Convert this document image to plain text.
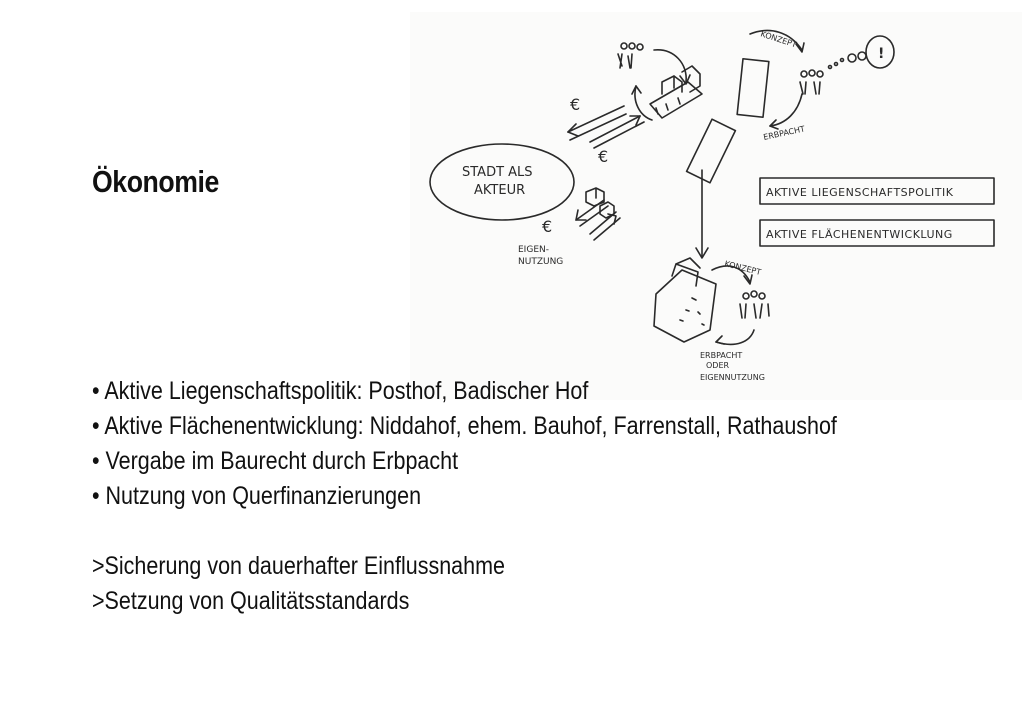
Ökonomie	STADT ALS
AKTEUR
€
€
€
EIGEN-
NUTZUNG
KONZEPT
ERBPACHT
!
AKTIVE LIEGENSCHAFTSPOLITIK
AKTIVE FLÄCHENENTWICKLUNG
KONZEPT
ERBPACHT
ODER
EIGENNUTZUNG
• Aktive Liegenschaftspolitik: Posthof, Badischer Hof
• Aktive Flächenentwicklung: Niddahof, ehem. Bauhof, Farrenstall, Rathaushof
• Vergabe im Baurecht durch Erbpacht
• Nutzung von Querfinanzierungen
>Sicherung von dauerhafter Einflussnahme
>Setzung von Qualitätsstandards
